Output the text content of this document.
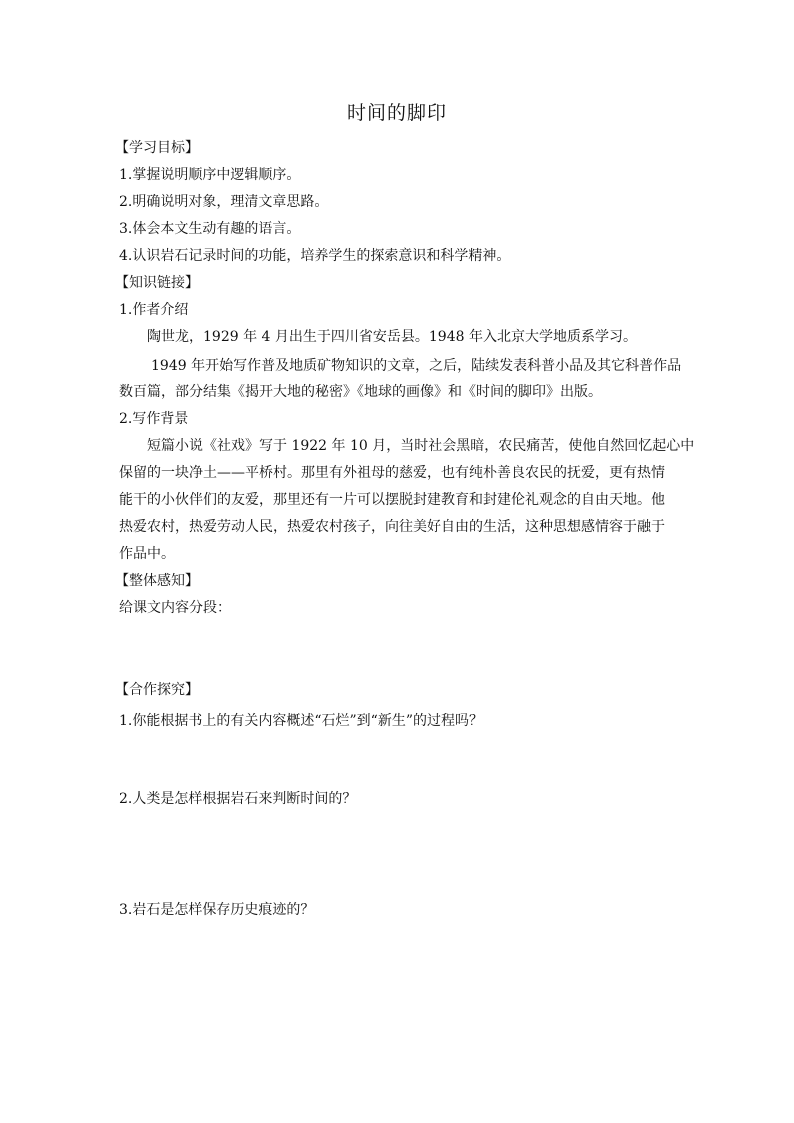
时间的脚印
【学习目标】
1.掌握说明顺序中逻辑顺序。
2.明确说明对象，理清文章思路。
3.体会本文生动有趣的语言。
4.认识岩石记录时间的功能，培养学生的探索意识和科学精神。
【知识链接】
1.作者介绍
陶世龙，1929 年 4 月出生于四川省安岳县。1948 年入北京大学地质系学习。
1949 年开始写作普及地质矿物知识的文章，之后，陆续发表科普小品及其它科普作品
数百篇，部分结集《揭开大地的秘密》《地球的画像》和《时间的脚印》出版。
2.写作背景
短篇小说《社戏》写于 1922 年 10 月，当时社会黑暗，农民痛苦，使他自然回忆起心中
保留的一块净土——平桥村。那里有外祖母的慈爱，也有纯朴善良农民的抚爱，更有热情
能干的小伙伴们的友爱，那里还有一片可以摆脱封建教育和封建伦礼观念的自由天地。他
热爱农村，热爱劳动人民，热爱农村孩子，向往美好自由的生活，这种思想感情容于融于
作品中。
【整体感知】
给课文内容分段：
【合作探究】
1.你能根据书上的有关内容概述“石烂”到“新生”的过程吗？
2.人类是怎样根据岩石来判断时间的？
3.岩石是怎样保存历史痕迹的？
